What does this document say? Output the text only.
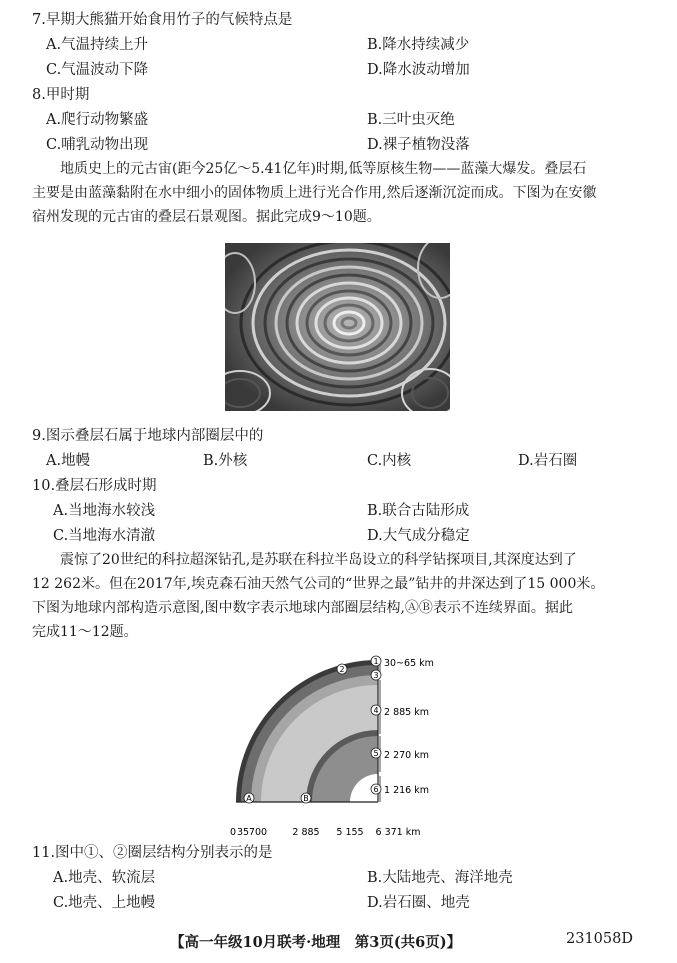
7.早期大熊猫开始食用竹子的气候特点是
A.气温持续上升	B.降水持续减少
C.气温波动下降	D.降水波动增加
8.甲时期
A.爬行动物繁盛	B.三叶虫灭绝
C.哺乳动物出现	D.裸子植物没落
地质史上的元古宙(距今25亿～5.41亿年)时期,低等原核生物——蓝藻大爆发。叠层石
主要是由蓝藻黏附在水中细小的固体物质上进行光合作用,然后逐渐沉淀而成。下图为在安徽
宿州发现的元古宙的叠层石景观图。据此完成9～10题。
9.图示叠层石属于地球内部圈层中的
A.地幔	B.外核	C.内核	D.岩石圈
10.叠层石形成时期
A.当地海水较浅	B.联合古陆形成
C.当地海水清澈	D.大气成分稳定
震惊了20世纪的科拉超深钻孔,是苏联在科拉半岛设立的科学钻探项目,其深度达到了
12 262米。但在2017年,埃克森石油天然气公司的“世界之最”钻井的井深达到了15 000米。
下图为地球内部构造示意图,图中数字表示地球内部圈层结构,ⒶⒷ表示不连续界面。据此
完成11～12题。
30~65 km
2 885 km
2 270 km
1 216 km
1
2
3
4
5
6
A	B
0 35 700	2 885 5 155 6 371 km
11.图中①、②圈层结构分别表示的是
A.地壳、软流层	B.大陆地壳、海洋地壳
C.地壳、上地幔	D.岩石圈、地壳
【高一年级10月联考·地理　第3页(共6页)】	231058D
